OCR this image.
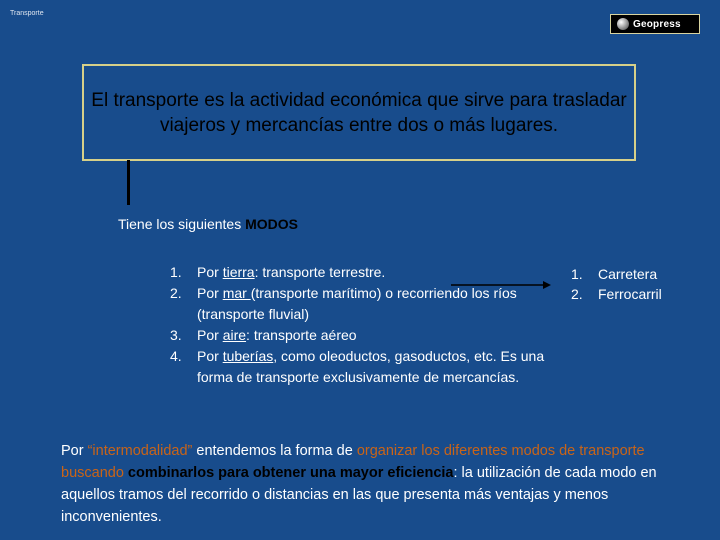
Transporte
Geopress
El transporte es la actividad económica que sirve para trasladar viajeros y mercancías entre dos o más lugares.
Tiene los siguientes MODOS
1.	Por tierra: transporte terrestre.
2.	Por mar (transporte marítimo) o recorriendo los ríos (transporte fluvial)
3.	Por aire: transporte aéreo
4.	Por tuberías, como oleoductos, gasoductos, etc. Es una forma de transporte exclusivamente de mercancías.
1.	Carretera
2.	Ferrocarril
Por “intermodalidad” entendemos la forma de organizar los diferentes modos de transporte buscando combinarlos para obtener una mayor eficiencia: la utilización de cada modo en aquellos tramos del recorrido o distancias en las que presenta más ventajas y menos inconvenientes.
